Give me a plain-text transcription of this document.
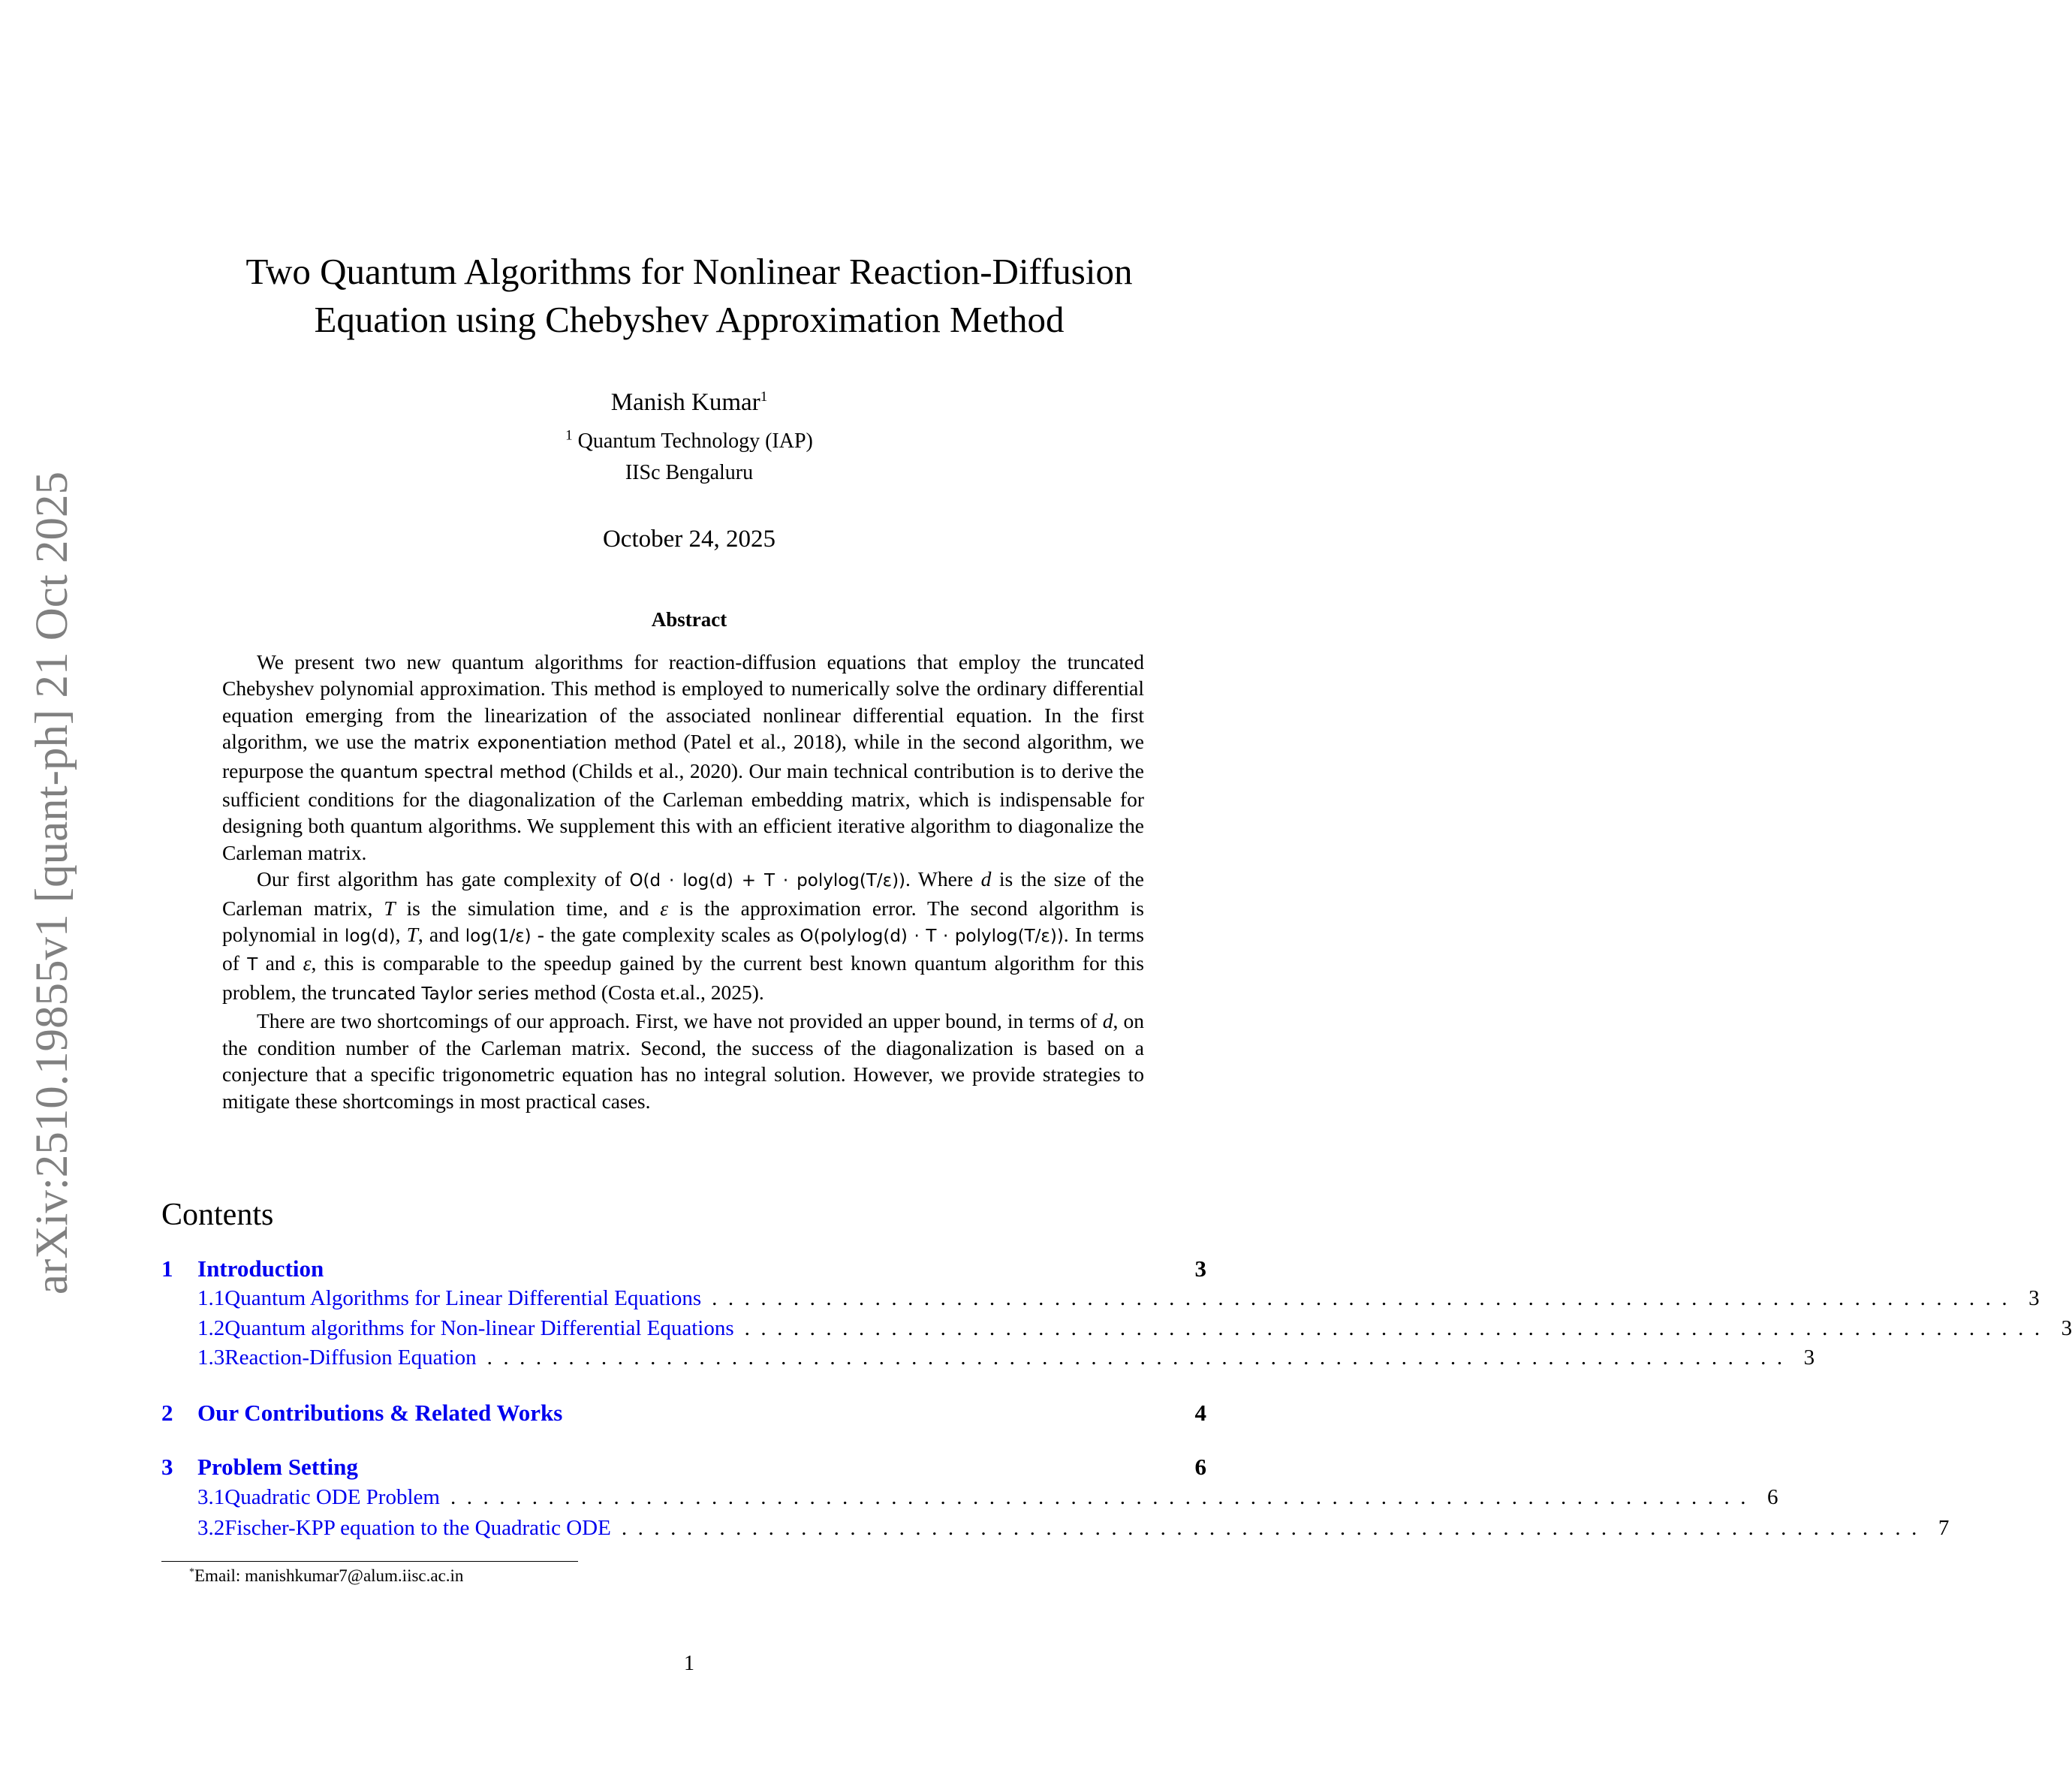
arXiv:2510.19855v1 [quant-ph] 21 Oct 2025
Two Quantum Algorithms for Nonlinear Reaction-Diffusion
Equation using Chebyshev Approximation Method
Manish Kumar$^1$
$^1$ Quantum Technology (IAP)
IISc Bengaluru
October 24, 2025
Abstract

We present two new quantum algorithms for reaction-diffusion equations that employ the truncated Chebyshev polynomial approximation. This method is employed to numerically solve the ordinary differential equation emerging from the linearization of the associated nonlinear differential equation. In the first algorithm, we use the matrix exponentiation method (Patel et al., 2018), while in the second algorithm, we repurpose the quantum spectral method (Childs et al., 2020). Our main technical contribution is to derive the sufficient conditions for the diagonalization of the Carleman embedding matrix, which is indispensable for designing both quantum algorithms. We supplement this with an efficient iterative algorithm to diagonalize the Carleman matrix.

Our first algorithm has gate complexity of O(d · log(d) + T · polylog(T/ε)). Where d is the size of the Carleman matrix, T is the simulation time, and ε is the approximation error. The second algorithm is polynomial in log(d), T, and log(1/ε) - the gate complexity scales as O(polylog(d) · T · polylog(T/ε)). In terms of T and ε, this is comparable to the speedup gained by the current best known quantum algorithm for this problem, the truncated Taylor series method (Costa et.al., 2025).

There are two shortcomings of our approach. First, we have not provided an upper bound, in terms of d, on the condition number of the Carleman matrix. Second, the success of the diagonalization is based on a conjecture that a specific trigonometric equation has no integral solution. However, we provide strategies to mitigate these shortcomings in most practical cases.

Contents
1	Introduction	3
1.1 Quantum Algorithms for Linear Differential Equations ................................................................................ 3
1.2 Quantum algorithms for Non-linear Differential Equations ................................................................................ 3
1.3 Reaction-Diffusion Equation ................................................................................ 3
2	Our Contributions & Related Works	4
3	Problem Setting	6
3.1 Quadratic ODE Problem ................................................................................ 6
3.2 Fischer-KPP equation to the Quadratic ODE ................................................................................ 7
*Email: manishkumar7@alum.iisc.ac.in
1
